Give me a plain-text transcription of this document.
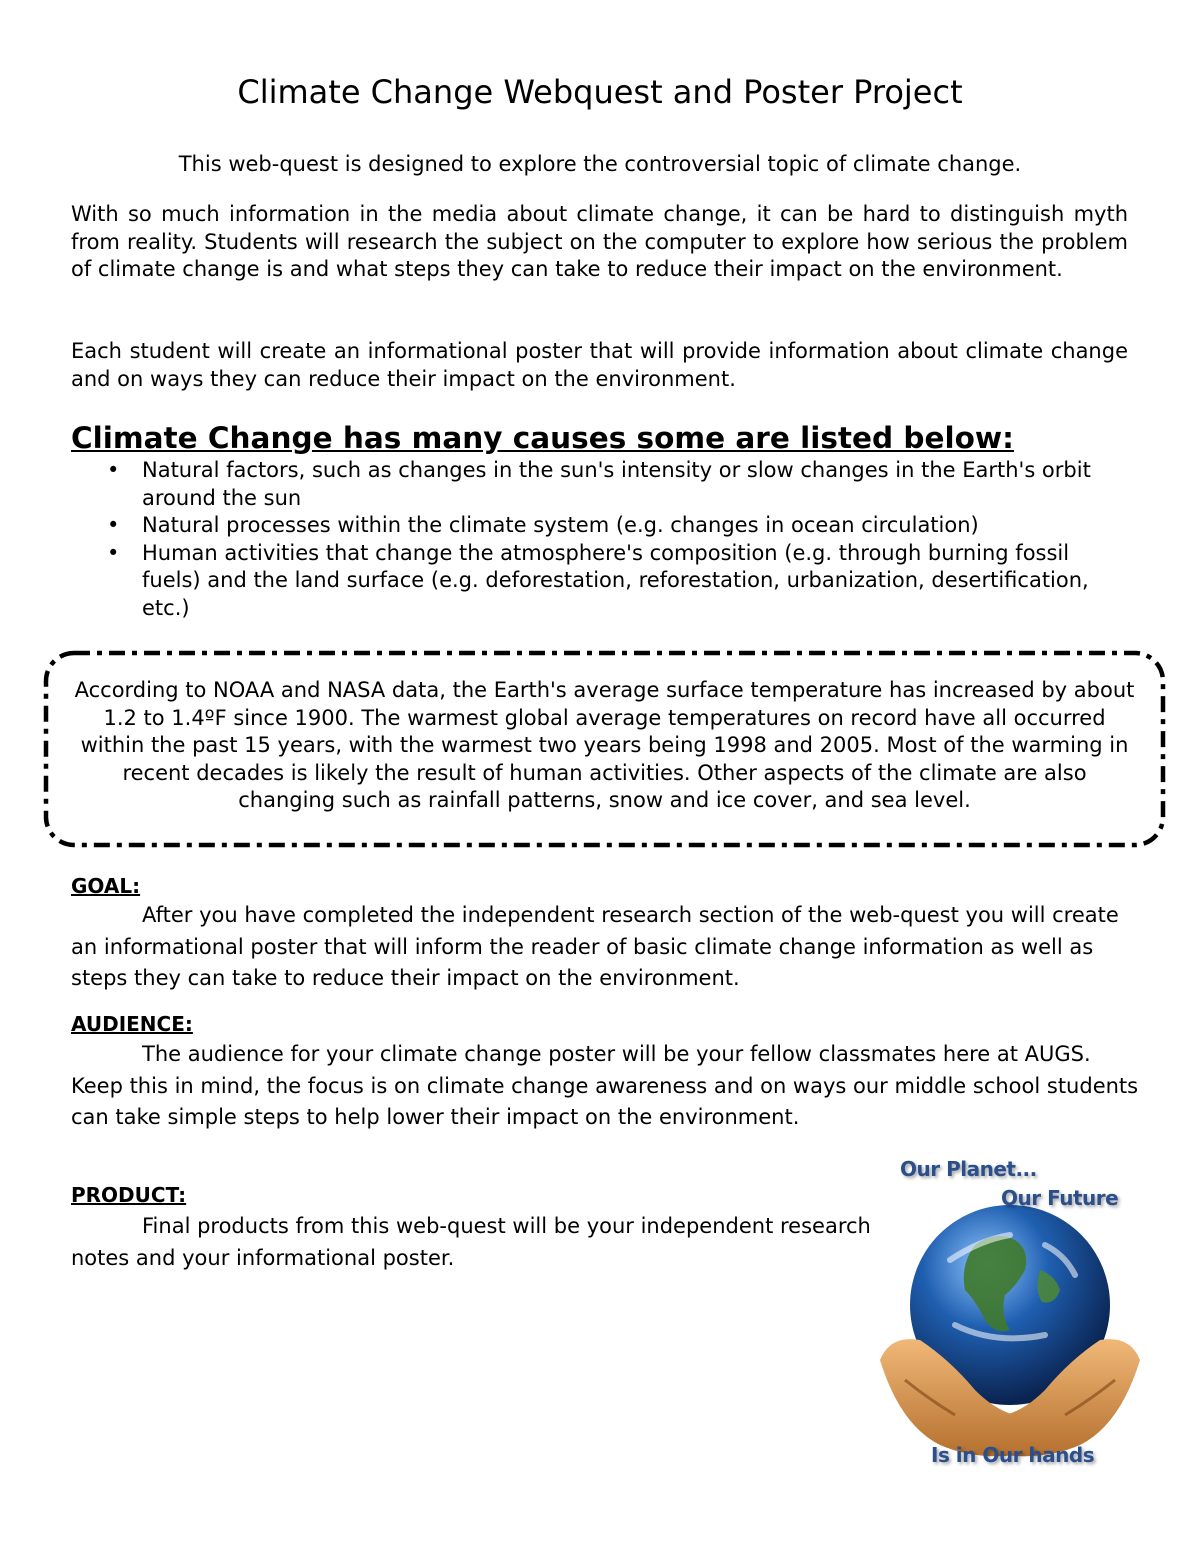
Climate Change Webquest and Poster Project
This web-quest is designed to explore the controversial topic of climate change.

With so much information in the media about climate change, it can be hard to distinguish myth from reality. Students will research the subject on the computer to explore how serious the problem of climate change is and what steps they can take to reduce their impact on the environment.

Each student will create an informational poster that will provide information about climate change and on ways they can reduce their impact on the environment.

Climate Change has many causes some are listed below:
•	Natural factors, such as changes in the sun's intensity or slow changes in the Earth's orbit around the sun
•	Natural processes within the climate system (e.g. changes in ocean circulation)
•	Human activities that change the atmosphere's composition (e.g. through burning fossil fuels) and the land surface (e.g. deforestation, reforestation, urbanization, desertification, etc.)
According to NOAA and NASA data, the Earth's average surface temperature has increased by about 1.2 to 1.4ºF since 1900. The warmest global average temperatures on record have all occurred within the past 15 years, with the warmest two years being 1998 and 2005. Most of the warming in recent decades is likely the result of human activities. Other aspects of the climate are also changing such as rainfall patterns, snow and ice cover, and sea level.
GOAL:
After you have completed the independent research section of the web-quest you will create an informational poster that will inform the reader of basic climate change information as well as steps they can take to reduce their impact on the environment.
AUDIENCE:
The audience for your climate change poster will be your fellow classmates here at AUGS. Keep this in mind, the focus is on climate change awareness and on ways our middle school students can take simple steps to help lower their impact on the environment.
PRODUCT:
Final products from this web-quest will be your independent research notes and your informational poster.
Our Planet...
Our Future
Is in Our hands
